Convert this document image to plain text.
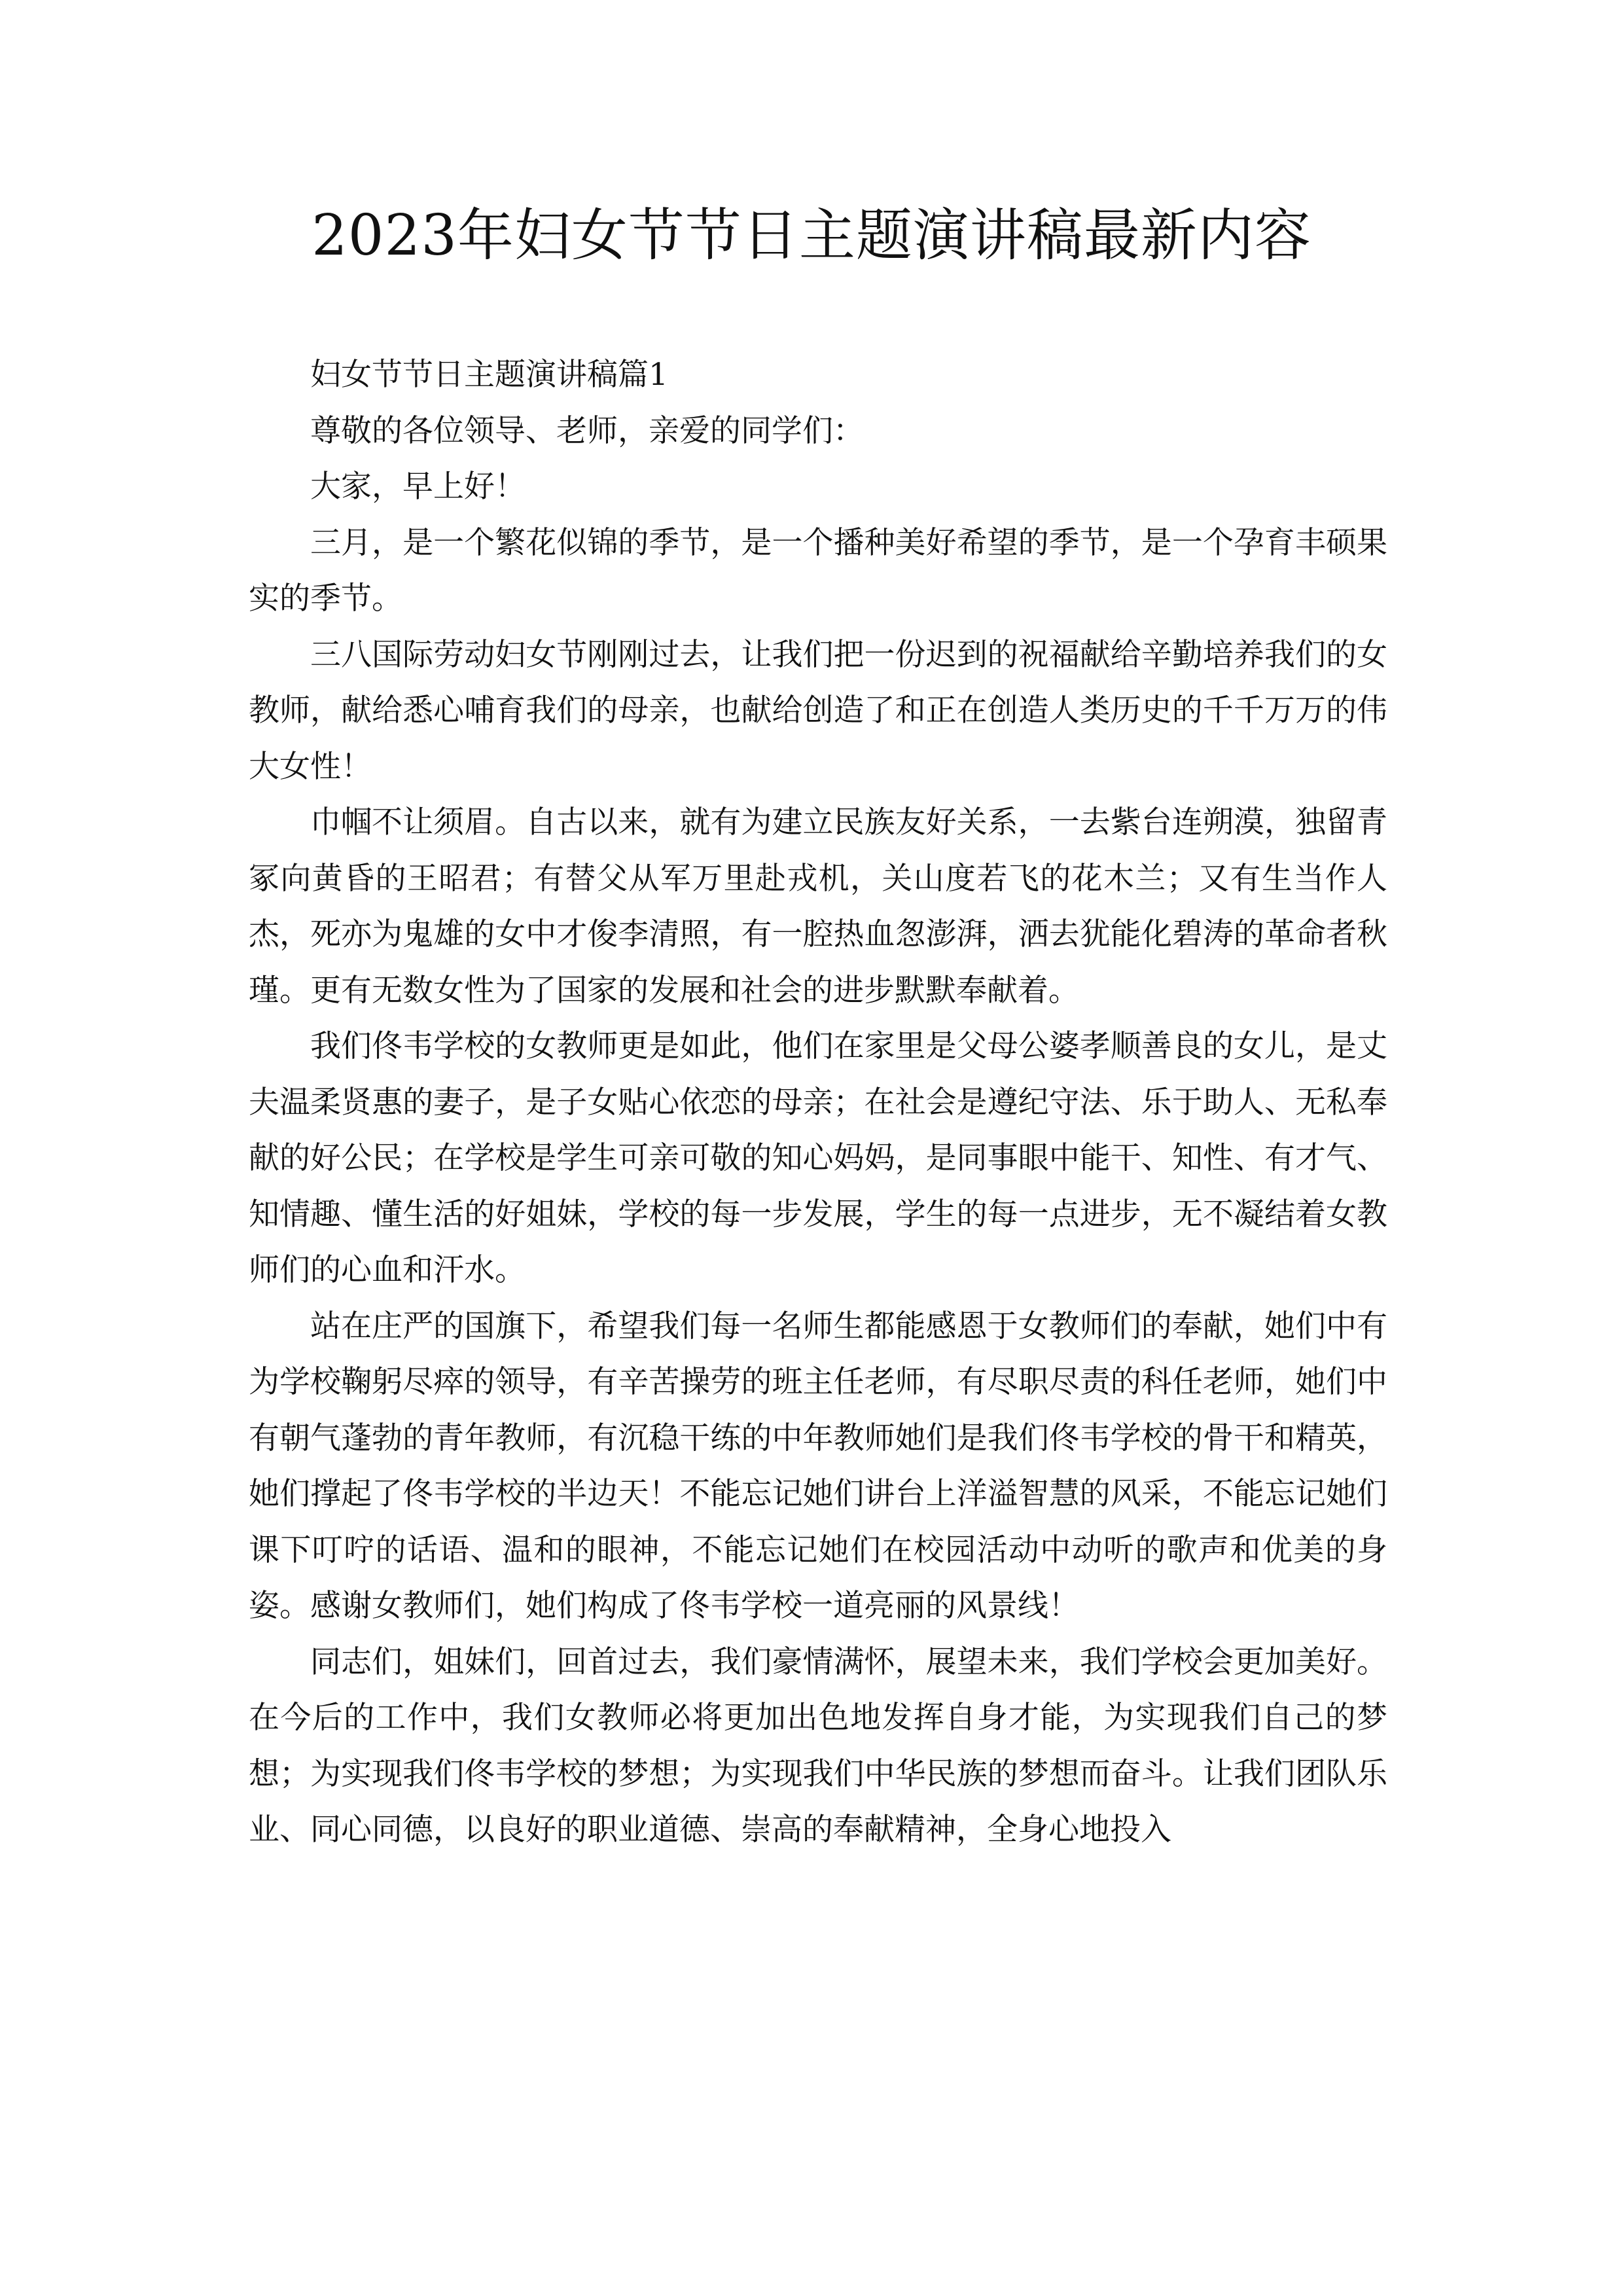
2023年妇女节节日主题演讲稿最新内容

妇女节节日主题演讲稿篇1

尊敬的各位领导、老师，亲爱的同学们：

大家，早上好！

三月，是一个繁花似锦的季节，是一个播种美好希望的季节，是一个孕育丰硕果实的季节。

三八国际劳动妇女节刚刚过去，让我们把一份迟到的祝福献给辛勤培养我们的女教师，献给悉心哺育我们的母亲，也献给创造了和正在创造人类历史的千千万万的伟大女性！

巾帼不让须眉。自古以来，就有为建立民族友好关系，一去紫台连朔漠，独留青冢向黄昏的王昭君；有替父从军万里赴戎机，关山度若飞的花木兰；又有生当作人杰，死亦为鬼雄的女中才俊李清照，有一腔热血怱澎湃，洒去犹能化碧涛的革命者秋瑾。更有无数女性为了国家的发展和社会的进步默默奉献着。

我们佟韦学校的女教师更是如此，他们在家里是父母公婆孝顺善良的女儿，是丈夫温柔贤惠的妻子，是子女贴心依恋的母亲；在社会是遵纪守法、乐于助人、无私奉献的好公民；在学校是学生可亲可敬的知心妈妈，是同事眼中能干、知性、有才气、知情趣、懂生活的好姐妹，学校的每一步发展，学生的每一点进步，无不凝结着女教师们的心血和汗水。

站在庄严的国旗下，希望我们每一名师生都能感恩于女教师们的奉献，她们中有为学校鞠躬尽瘁的领导，有辛苦操劳的班主任老师，有尽职尽责的科任老师，她们中有朝气蓬勃的青年教师，有沉稳干练的中年教师她们是我们佟韦学校的骨干和精英，她们撑起了佟韦学校的半边天！不能忘记她们讲台上洋溢智慧的风采，不能忘记她们课下叮咛的话语、温和的眼神，不能忘记她们在校园活动中动听的歌声和优美的身姿。感谢女教师们，她们构成了佟韦学校一道亮丽的风景线！

同志们，姐妹们，回首过去，我们豪情满怀，展望未来，我们学校会更加美好。在今后的工作中，我们女教师必将更加出色地发挥自身才能，为实现我们自己的梦想；为实现我们佟韦学校的梦想；为实现我们中华民族的梦想而奋斗。让我们团队乐业、同心同德，以良好的职业道德、崇高的奉献精神，全身心地投入
